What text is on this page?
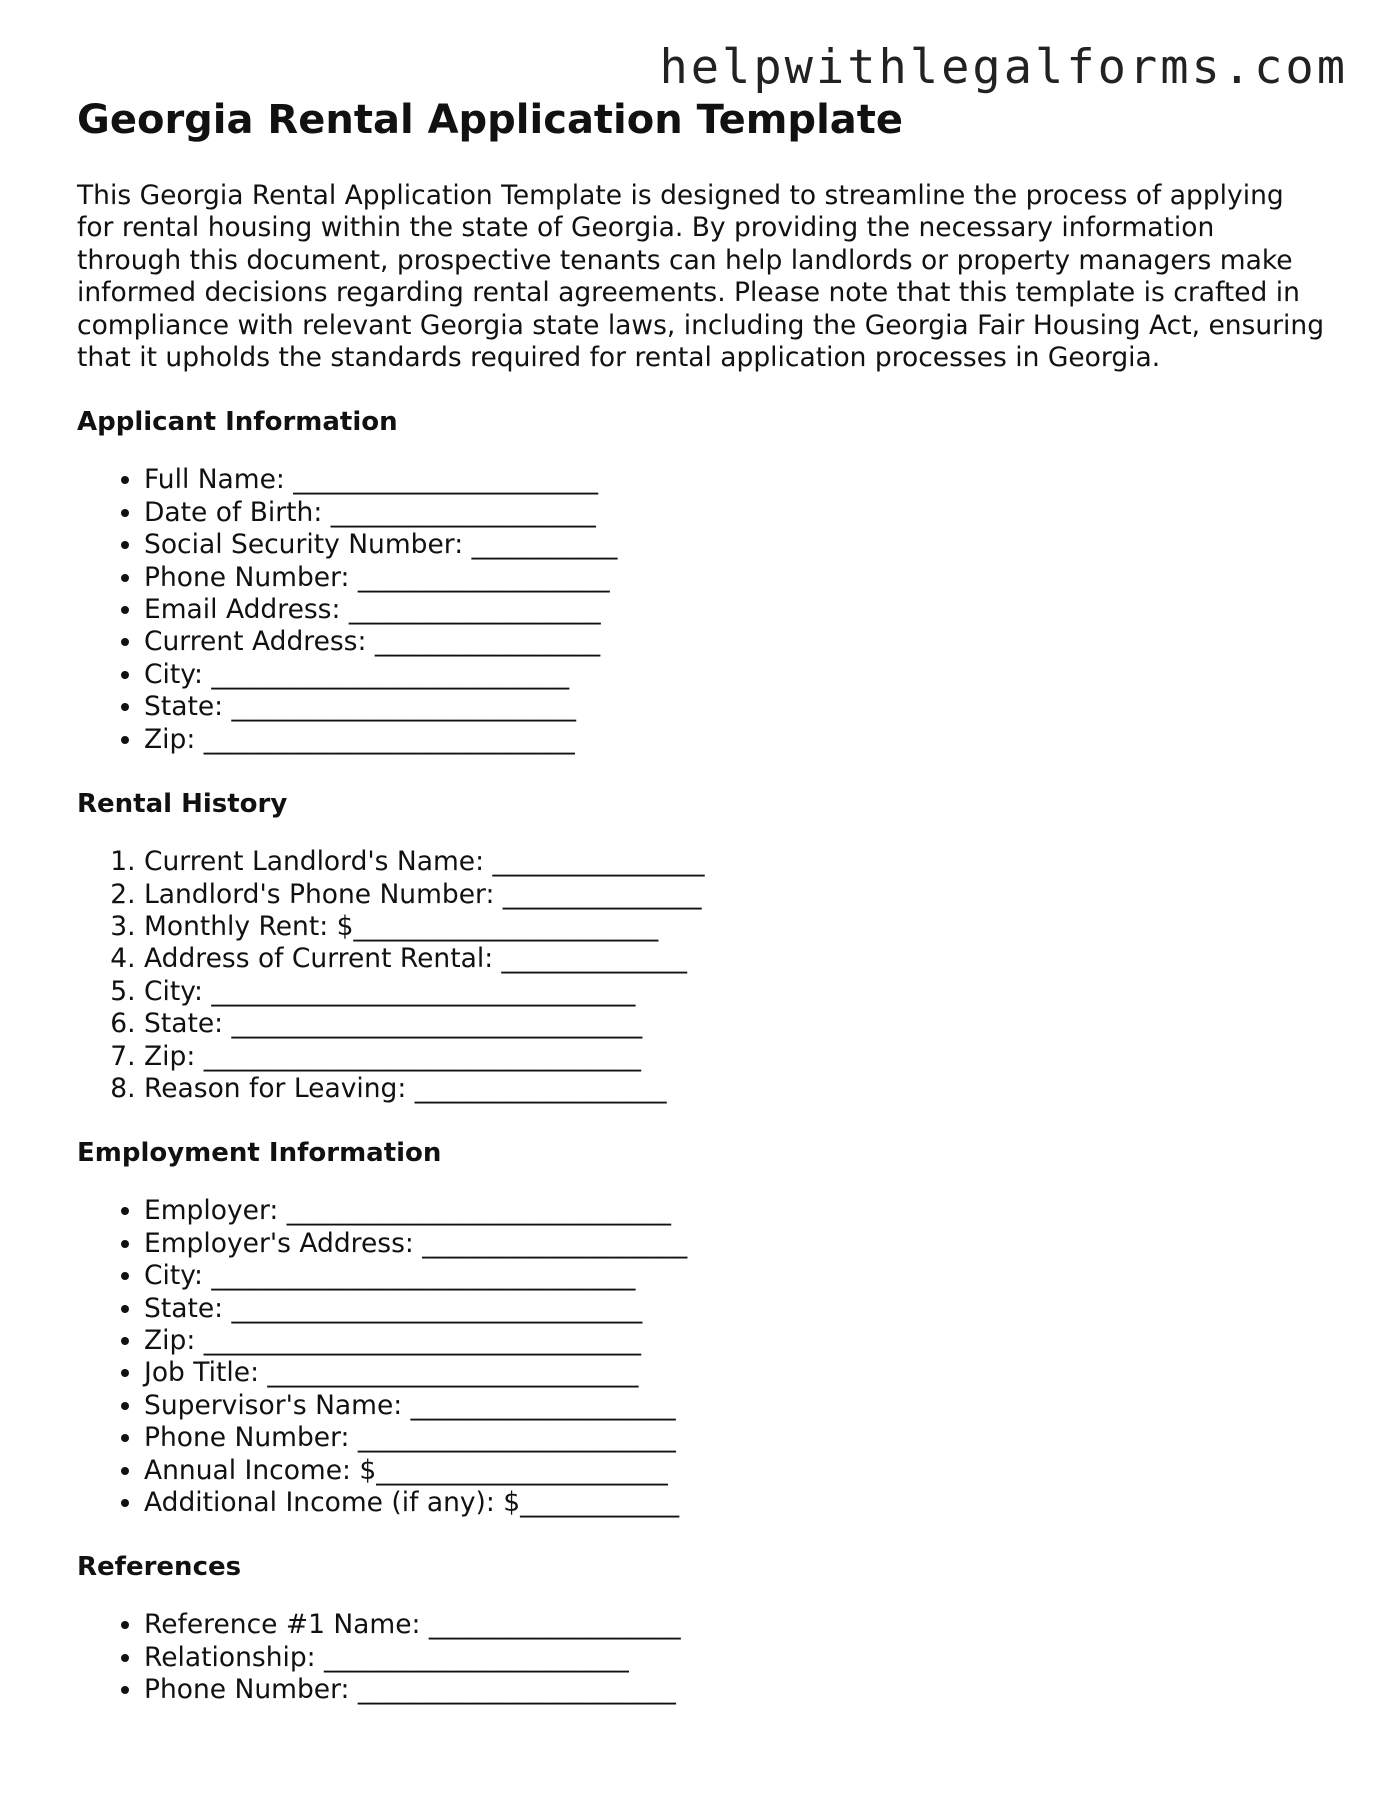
helpwithlegalforms.com
Georgia Rental Application Template

This Georgia Rental Application Template is designed to streamline the process of applying for rental housing within the state of Georgia. By providing the necessary information through this document, prospective tenants can help landlords or property managers make informed decisions regarding rental agreements. Please note that this template is crafted in compliance with relevant Georgia state laws, including the Georgia Fair Housing Act, ensuring that it upholds the standards required for rental application processes in Georgia.

Applicant Information
• Full Name: _______________________
• Date of Birth: ____________________
• Social Security Number: ___________
• Phone Number: ___________________
• Email Address: ___________________
• Current Address: _________________
• City: ___________________________
• State: __________________________
• Zip: ____________________________
Rental History
1. Current Landlord's Name: ________________
2. Landlord's Phone Number: _______________
3. Monthly Rent: $_______________________
4. Address of Current Rental: ______________
5. City: ________________________________
6. State: _______________________________
7. Zip: _________________________________
8. Reason for Leaving: ___________________
Employment Information
• Employer: _____________________________
• Employer's Address: ____________________
• City: ________________________________
• State: _______________________________
• Zip: _________________________________
• Job Title: ____________________________
• Supervisor's Name: ____________________
• Phone Number: ________________________
• Annual Income: $______________________
• Additional Income (if any): $____________
References
• Reference #1 Name: ___________________
• Relationship: _______________________
• Phone Number: ________________________
